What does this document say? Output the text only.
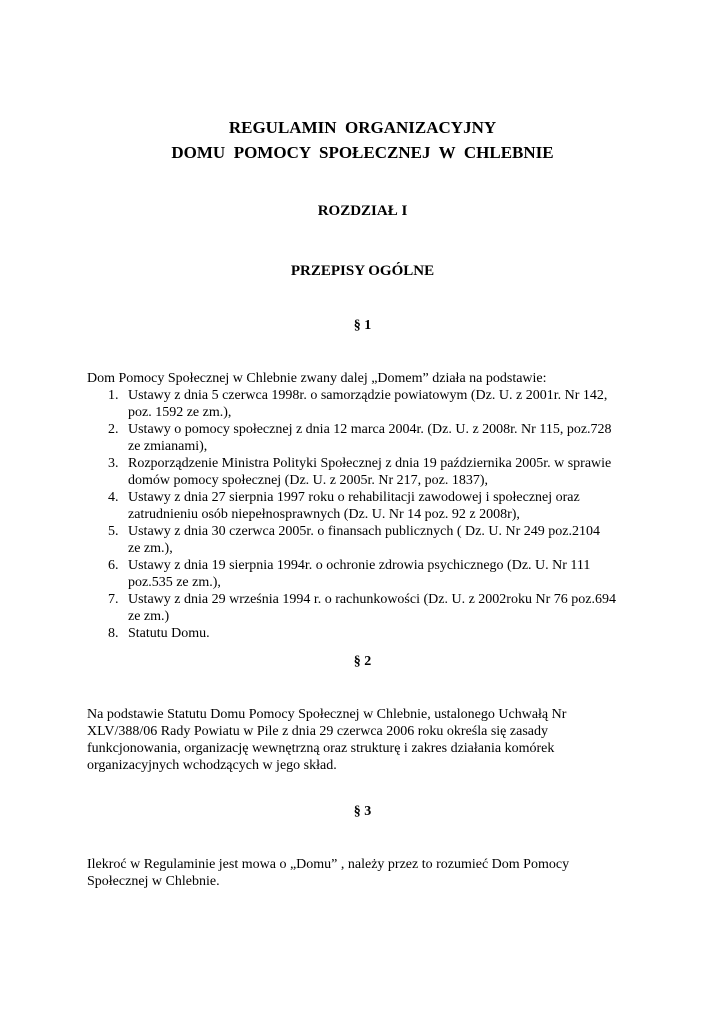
REGULAMIN  ORGANIZACYJNY
DOMU  POMOCY  SPOŁECZNEJ  W  CHLEBNIE
ROZDZIAŁ I
PRZEPISY OGÓLNE
§ 1
Dom Pomocy Społecznej w Chlebnie zwany dalej „Domem” działa na podstawie:
1. Ustawy z dnia 5 czerwca 1998r. o samorządzie powiatowym (Dz. U. z 2001r. Nr 142,
poz. 1592 ze zm.),
2. Ustawy o pomocy społecznej z dnia 12 marca 2004r. (Dz. U. z 2008r. Nr 115, poz.728
ze zmianami),
3. Rozporządzenie Ministra Polityki Społecznej z dnia 19 października 2005r. w sprawie
domów pomocy społecznej (Dz. U. z 2005r. Nr 217, poz. 1837),
4. Ustawy z dnia 27 sierpnia 1997 roku o rehabilitacji zawodowej i społecznej oraz
zatrudnieniu osób niepełnosprawnych (Dz. U. Nr 14 poz. 92 z 2008r),
5. Ustawy z dnia 30 czerwca 2005r. o finansach publicznych ( Dz. U. Nr 249 poz.2104
ze zm.),
6. Ustawy z dnia 19 sierpnia 1994r. o ochronie zdrowia psychicznego (Dz. U. Nr 111
poz.535 ze zm.),
7. Ustawy z dnia 29 września 1994 r. o rachunkowości (Dz. U. z 2002roku Nr 76 poz.694
ze zm.)
8. Statutu Domu.
§ 2
Na podstawie Statutu Domu Pomocy Społecznej w Chlebnie, ustalonego Uchwałą Nr
XLV/388/06 Rady Powiatu w Pile z dnia 29 czerwca 2006 roku określa się zasady
funkcjonowania, organizację wewnętrzną oraz strukturę i zakres działania komórek
organizacyjnych wchodzących w jego skład.
§ 3
Ilekroć w Regulaminie jest mowa o „Domu” , należy przez to rozumieć Dom Pomocy
Społecznej w Chlebnie.
